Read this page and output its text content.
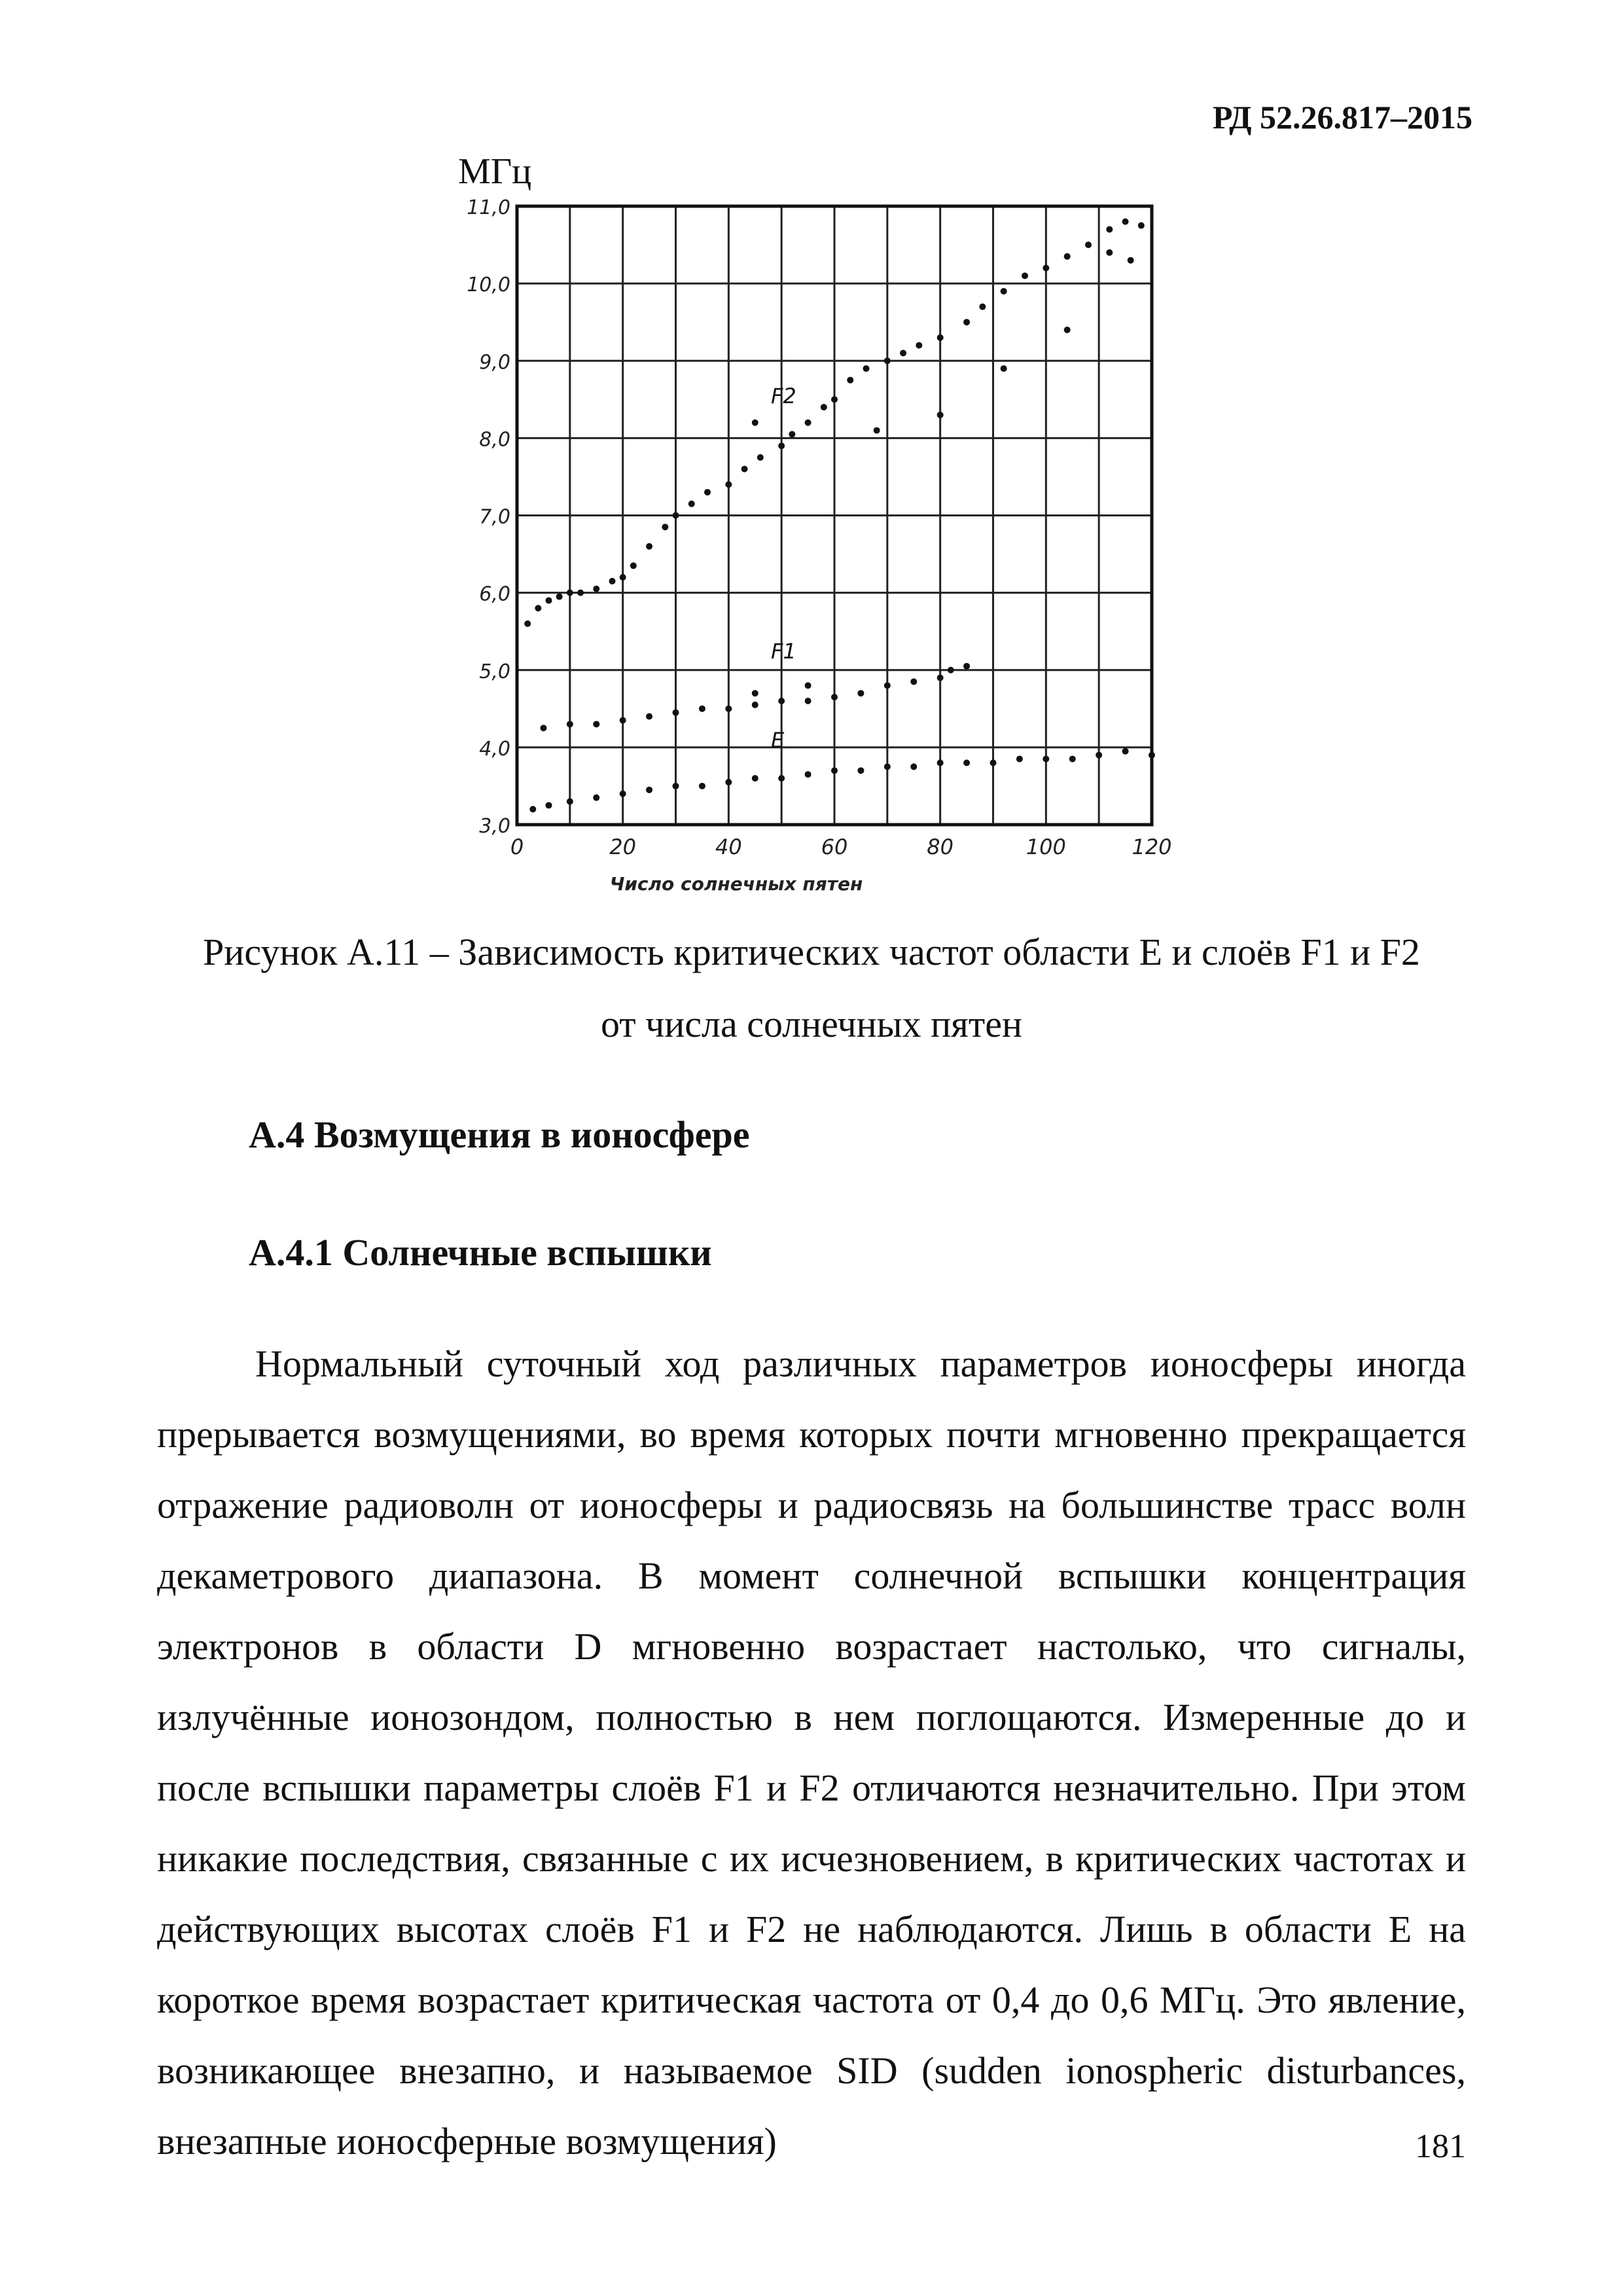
РД 52.26.817–2015
МГц
0	20	40	60	80	100	120
3,0
4,0
5,0
6,0
7,0
8,0
9,0
10,0
11,0
F2
F1
E
Число солнечных пятен
Рисунок А.11 – Зависимость критических частот области Е и слоёв F1 и F2 от числа солнечных пятен
А.4 Возмущения в ионосфере
А.4.1 Солнечные вспышки

Нормальный суточный ход различных параметров ионосферы иногда прерывается возмущениями, во время которых почти мгновенно прекращается отражение радиоволн от ионосферы и радиосвязь на большинстве трасс волн декаметрового диапазона. В момент солнечной вспышки концентрация электронов в области D мгновенно возрастает настолько, что сигналы, излучённые ионозондом, полностью в нем поглощаются. Измеренные до и после вспышки параметры слоёв F1 и F2 отличаются незначительно. При этом никакие последствия, связанные с их исчезновением, в критических частотах и действующих высотах слоёв F1 и F2 не наблюдаются. Лишь в области Е на короткое время возрастает критическая частота от 0,4 до 0,6 МГц. Это явление, возникающее внезапно, и называемое SID (sudden ionospheric disturbances, внезапные ионосферные возмущения)	181
